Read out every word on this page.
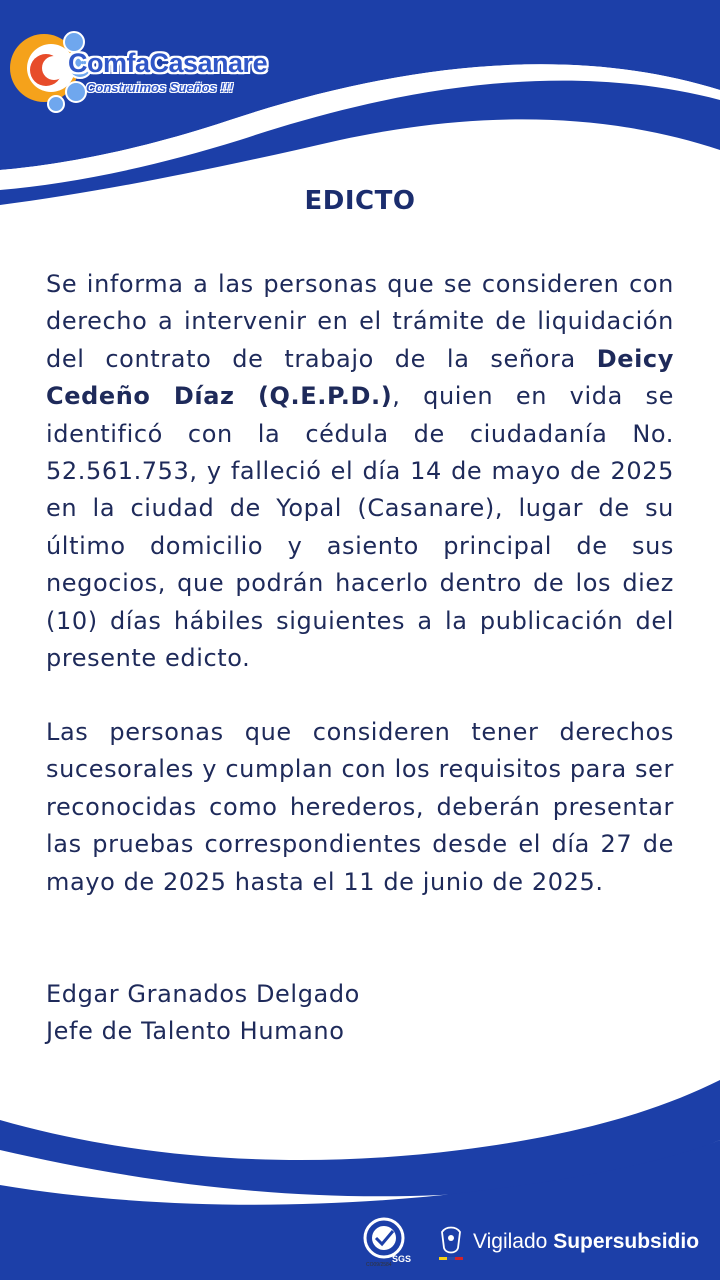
ComfaCasanare
Construimos Sueños !!!
EDICTO
Se informa a las personas que se consideren con derecho a intervenir en el trámite de liquidación del contrato de trabajo de la señora Deicy Cedeño Díaz (Q.E.P.D.), quien en vida se identificó con la cédula de ciudadanía No. 52.561.753, y falleció el día 14 de mayo de 2025 en la ciudad de Yopal (Casanare), lugar de su último domicilio y asiento principal de sus negocios, que podrán hacerlo dentro de los diez (10) días hábiles siguientes a la publicación del presente edicto.
Las personas que consideren tener derechos sucesorales y cumplan con los requisitos para ser reconocidas como herederos, deberán presentar las pruebas correspondientes desde el día 27 de mayo de 2025 hasta el 11 de junio de 2025.
Edgar Granados Delgado
Jefe de Talento Humano
SGS
CO09/2584
Vigilado Supersubsidio
